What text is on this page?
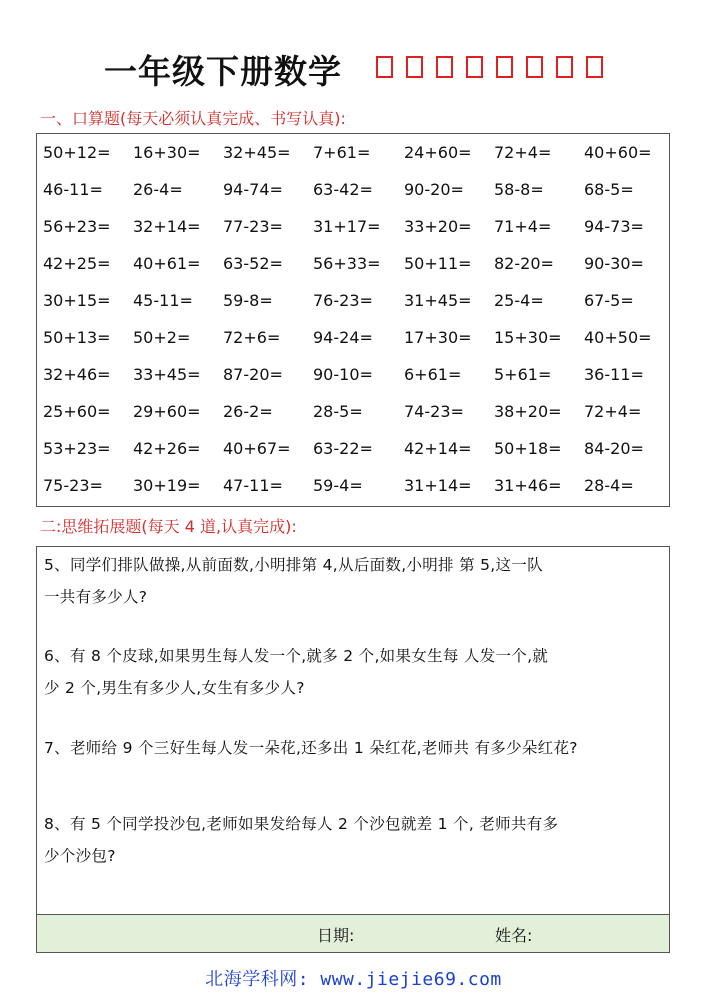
一年级下册数学
一、口算题(每天必须认真完成、书写认真):
50+12= 16+30= 32+45= 7+61= 24+60= 72+4= 40+60=
46-11= 26-4=	94-74= 63-42= 90-20= 58-8=	68-5=
56+23= 32+14= 77-23= 31+17= 33+20= 71+4= 94-73=
42+25= 40+61= 63-52= 56+33= 50+11= 82-20= 90-30=
30+15= 45-11= 59-8=	76-23= 31+45= 25-4=	67-5=
50+13= 50+2= 72+6= 94-24= 17+30= 15+30= 40+50=
32+46= 33+45= 87-20= 90-10= 6+61= 5+61= 36-11=
25+60= 29+60= 26-2=	28-5=	74-23= 38+20= 72+4=
53+23= 42+26= 40+67= 63-22= 42+14= 50+18= 84-20=
75-23= 30+19= 47-11= 59-4=	31+14= 31+46= 28-4=
二:思维拓展题(每天 4 道,认真完成):
5、同学们排队做操,从前面数,小明排第 4,从后面数,小明排 第 5,这一队
一共有多少人?
6、有 8 个皮球,如果男生每人发一个,就多 2 个,如果女生每 人发一个,就
少 2 个,男生有多少人,女生有多少人?
7、老师给 9 个三好生每人发一朵花,还多出 1 朵红花,老师共 有多少朵红花?
8、有 5 个同学投沙包,老师如果发给每人 2 个沙包就差 1 个, 老师共有多
少个沙包?
日期:	姓名:
北海学科网: www.jiejie69.com
